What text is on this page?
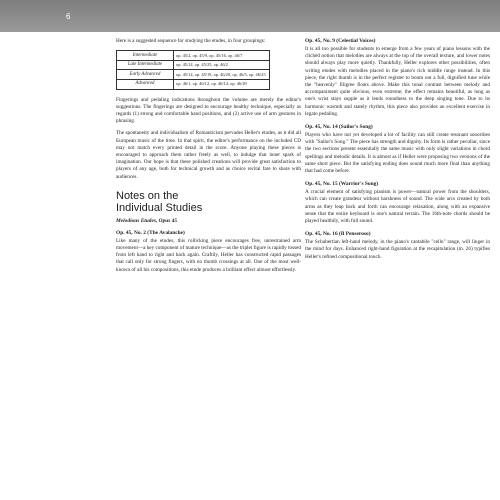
6

Here is a suggested sequence for studying the etudes, in four groupings:

Intermediate	op. 45/2, op. 45/9, op. 45/16, op. 46/7
Late Intermediate	op. 45/14, op. 45/25, op. 46/2
Early Advanced	op. 45/14, op. 45/19, op. 46/20, op. 46/5, op. 46/25
Advanced	op. 46/1, op. 46/12, op. 46/14, op. 46/29

Fingerings and pedaling indications throughout the volume are merely the editor's suggestions. The fingerings are designed to encourage healthy technique, especially as regards (1) strong and comfortable hand positions, and (2) active use of arm gestures in phrasing.

The spontaneity and individualism of Romanticism pervades Heller's etudes, as it did all European music of the time. In that spirit, the editor's performance on the included CD may not match every printed detail in the score. Anyone playing these pieces is encouraged to approach them rather freely as well, to indulge that inner spark of imagination. Our hope is that these polished creations will provide great satisfaction to players of any age, both for technical growth and as choice recital fare to share with audiences.

Notes on the Individual Studies
Melodious Etudes, Opus 45
Op. 45, No. 2 (The Avalanche)

Like many of the etudes, this rollicking piece encourages free, unrestrained arm movement—a key component of mature technique—as the triplet figure is rapidly tossed from left hand to right and back again. Craftily, Heller has constructed rapid passages that call only for strong fingers, with no thumb crossings at all. One of the most well-known of all his compositions, this etude produces a brilliant effect almost effortlessly.

Op. 45, No. 9 (Celestial Voices)

It is all too possible for students to emerge from a few years of piano lessons with the clichéd notion that melodies are always at the top of the overall texture, and lower notes should always play more quietly. Thankfully, Heller explores other possibilities, often writing etudes with melodies placed in the piano's rich middle range instead. In this piece, the right thumb is in the perfect register to boom out a full, dignified tune while the "heavenly" filigree floats above. Make this tonal contrast between melody and accompaniment quite obvious, even extreme; the effect remains beautiful, as long as one's wrist stays supple as it lends roundness to the deep singing tone. Due to its harmonic warmth and stately rhythm, this piece also provides an excellent exercise in legato pedaling.

Op. 45, No. 14 (Sailor's Song)

Players who have not yet developed a lot of facility can still create resonant sonorities with "Sailor's Song." The piece has strength and dignity. Its form is rather peculiar, since the two sections present essentially the same music with only slight variations in chord spellings and melodic details. It is almost as if Heller were proposing two versions of the same short piece. But the satisfying ending does sound much more final than anything that had come before.

Op. 45, No. 15 (Warrior's Song)

A crucial element of satisfying pianism is power—natural power from the shoulders, which can create grandeur without harshness of sound. The wide arcs created by both arms as they leap back and forth can encourage relaxation, along with an expansive sense that the entire keyboard is one's natural terrain. The 16th-note chords should be played healthily, with full sound.

Op. 45, No. 16 (Il Penseroso)

The Schubertian left-hand melody, in the piano's cantabile "cello" range, will linger in the mind for days. Enhanced right-hand figuration at the recapitulation (m. 26) typifies Heller's refined compositional touch.
